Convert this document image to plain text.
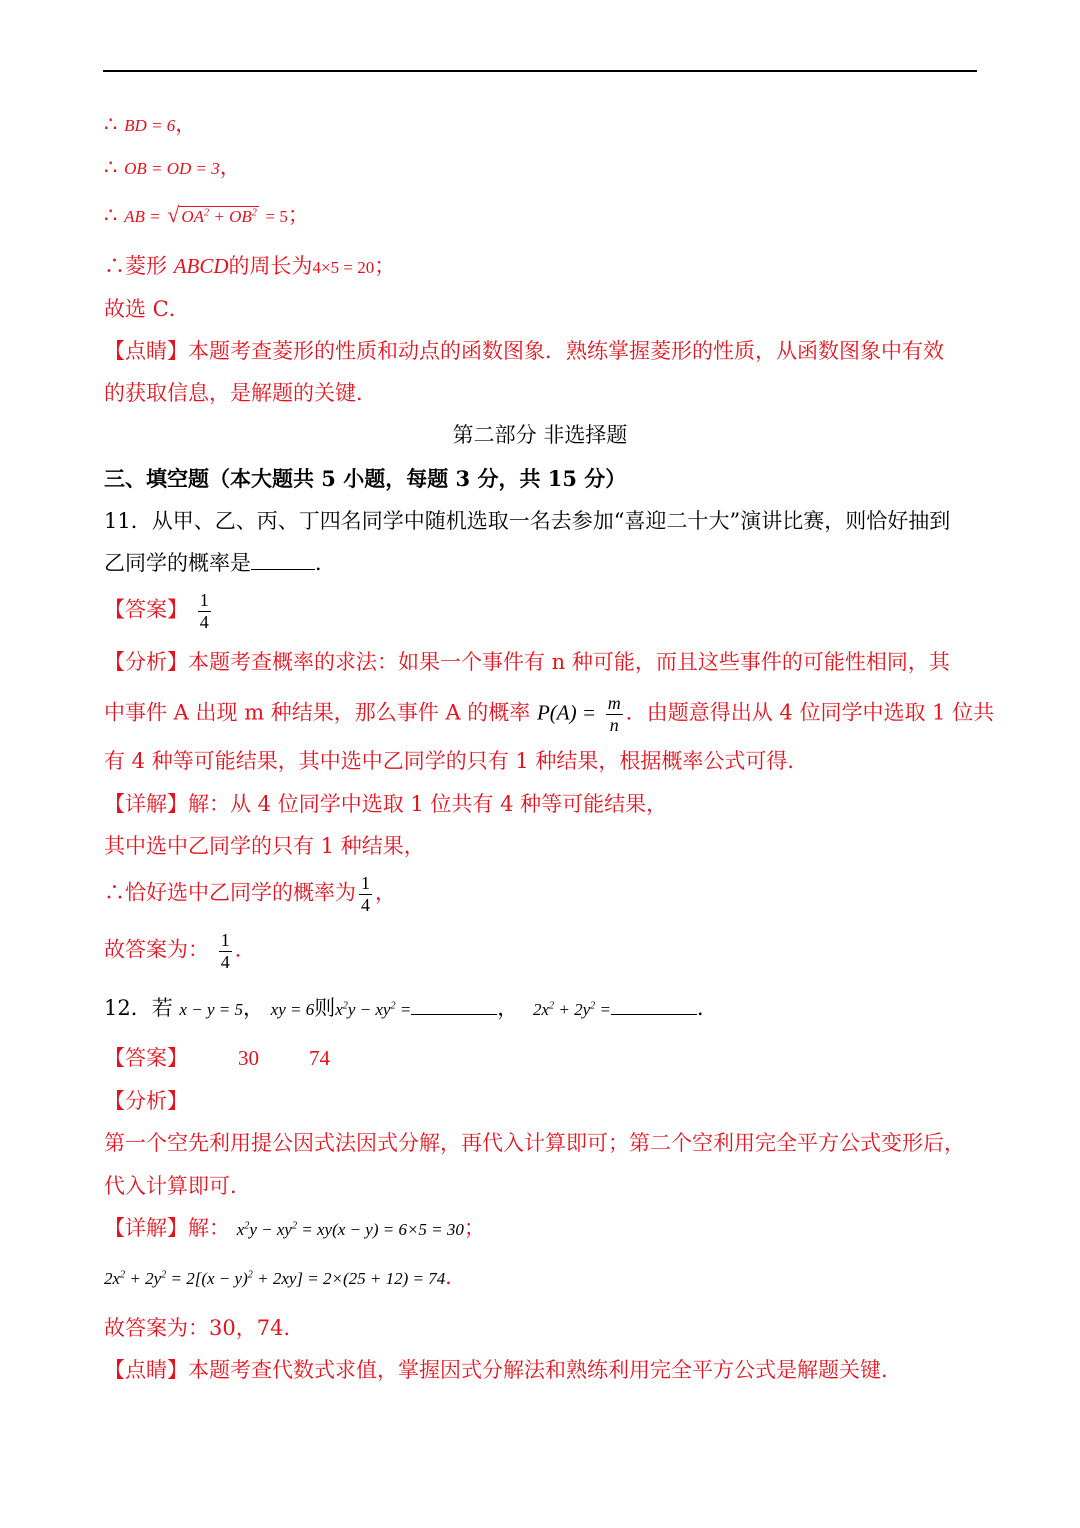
∴ BD = 6，
∴ OB = OD = 3，
∴ AB = √ $OA^2 + OB^2 = 5$；
∴菱形 ABCD的周长为4×5 = 20；
故选 C．
【点睛】本题考查菱形的性质和动点的函数图象．熟练掌握菱形的性质，从函数图象中有效
的获取信息，是解题的关键．
第二部分 非选择题
三、填空题（本大题共 5 小题，每题 3 分，共 15 分）
11．从甲、乙、丙、丁四名同学中随机选取一名去参加“喜迎二十大”演讲比赛，则恰好抽到
乙同学的概率是	．
【答案】 $\frac{1}{4}$
【分析】本题考查概率的求法：如果一个事件有 n 种可能，而且这些事件的可能性相同，其
中事件 A 出现 m 种结果，那么事件 A 的概率 $P(A) = \frac{m}{n}$ ．由题意得出从 4 位同学中选取 1 位共
有 4 种等可能结果，其中选中乙同学的只有 1 种结果，根据概率公式可得．
【详解】解：从 4 位同学中选取 1 位共有 4 种等可能结果，
其中选中乙同学的只有 1 种结果，
∴恰好选中乙同学的概率为 $\frac{1}{4}$ ，
故答案为： $\frac{1}{4}$ ．
12．若 x − y = 5， xy = 6则$x^2y - xy^2$ =	， $2x^2 + 2y^2$ =	．
【答案】 30 74
【分析】
第一个空先利用提公因式法因式分解，再代入计算即可；第二个空利用完全平方公式变形后，
代入计算即可．
【详解】解： $x^2y - xy^2 = xy(x - y) = 6\times 5 = 30$；
$2x^2 + 2y^2 = 2[(x - y)^2 + 2xy] = 2\times(25 + 12) = 74$．
故答案为：30，74．
【点睛】本题考查代数式求值，掌握因式分解法和熟练利用完全平方公式是解题关键．
